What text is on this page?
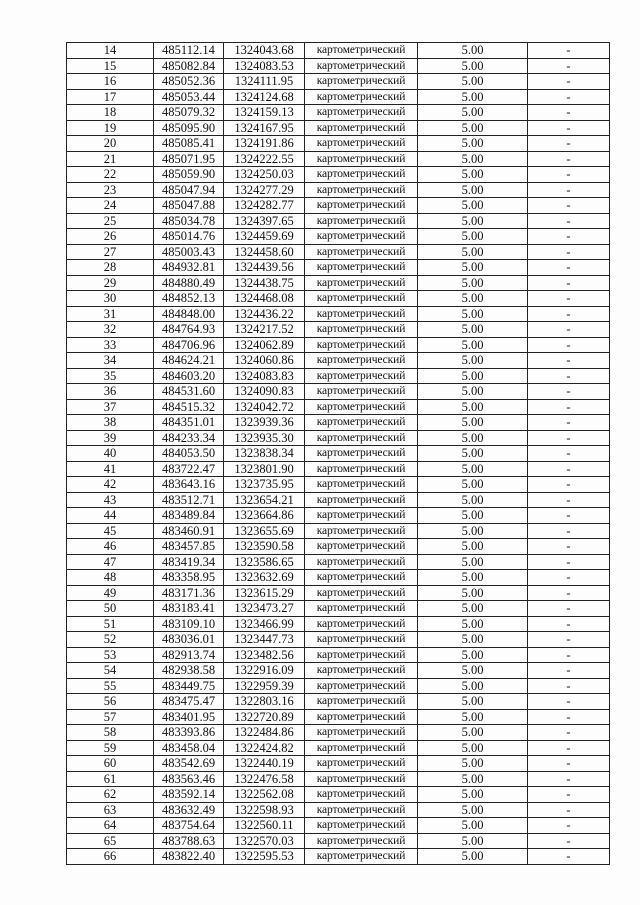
14	485112.14	1324043.68	картометрический	5.00	-
15	485082.84	1324083.53	картометрический	5.00	-
16	485052.36	1324111.95	картометрический	5.00	-
17	485053.44	1324124.68	картометрический	5.00	-
18	485079.32	1324159.13	картометрический	5.00	-
19	485095.90	1324167.95	картометрический	5.00	-
20	485085.41	1324191.86	картометрический	5.00	-
21	485071.95	1324222.55	картометрический	5.00	-
22	485059.90	1324250.03	картометрический	5.00	-
23	485047.94	1324277.29	картометрический	5.00	-
24	485047.88	1324282.77	картометрический	5.00	-
25	485034.78	1324397.65	картометрический	5.00	-
26	485014.76	1324459.69	картометрический	5.00	-
27	485003.43	1324458.60	картометрический	5.00	-
28	484932.81	1324439.56	картометрический	5.00	-
29	484880.49	1324438.75	картометрический	5.00	-
30	484852.13	1324468.08	картометрический	5.00	-
31	484848.00	1324436.22	картометрический	5.00	-
32	484764.93	1324217.52	картометрический	5.00	-
33	484706.96	1324062.89	картометрический	5.00	-
34	484624.21	1324060.86	картометрический	5.00	-
35	484603.20	1324083.83	картометрический	5.00	-
36	484531.60	1324090.83	картометрический	5.00	-
37	484515.32	1324042.72	картометрический	5.00	-
38	484351.01	1323939.36	картометрический	5.00	-
39	484233.34	1323935.30	картометрический	5.00	-
40	484053.50	1323838.34	картометрический	5.00	-
41	483722.47	1323801.90	картометрический	5.00	-
42	483643.16	1323735.95	картометрический	5.00	-
43	483512.71	1323654.21	картометрический	5.00	-
44	483489.84	1323664.86	картометрический	5.00	-
45	483460.91	1323655.69	картометрический	5.00	-
46	483457.85	1323590.58	картометрический	5.00	-
47	483419.34	1323586.65	картометрический	5.00	-
48	483358.95	1323632.69	картометрический	5.00	-
49	483171.36	1323615.29	картометрический	5.00	-
50	483183.41	1323473.27	картометрический	5.00	-
51	483109.10	1323466.99	картометрический	5.00	-
52	483036.01	1323447.73	картометрический	5.00	-
53	482913.74	1323482.56	картометрический	5.00	-
54	482938.58	1322916.09	картометрический	5.00	-
55	483449.75	1322959.39	картометрический	5.00	-
56	483475.47	1322803.16	картометрический	5.00	-
57	483401.95	1322720.89	картометрический	5.00	-
58	483393.86	1322484.86	картометрический	5.00	-
59	483458.04	1322424.82	картометрический	5.00	-
60	483542.69	1322440.19	картометрический	5.00	-
61	483563.46	1322476.58	картометрический	5.00	-
62	483592.14	1322562.08	картометрический	5.00	-
63	483632.49	1322598.93	картометрический	5.00	-
64	483754.64	1322560.11	картометрический	5.00	-
65	483788.63	1322570.03	картометрический	5.00	-
66	483822.40	1322595.53	картометрический	5.00	-
